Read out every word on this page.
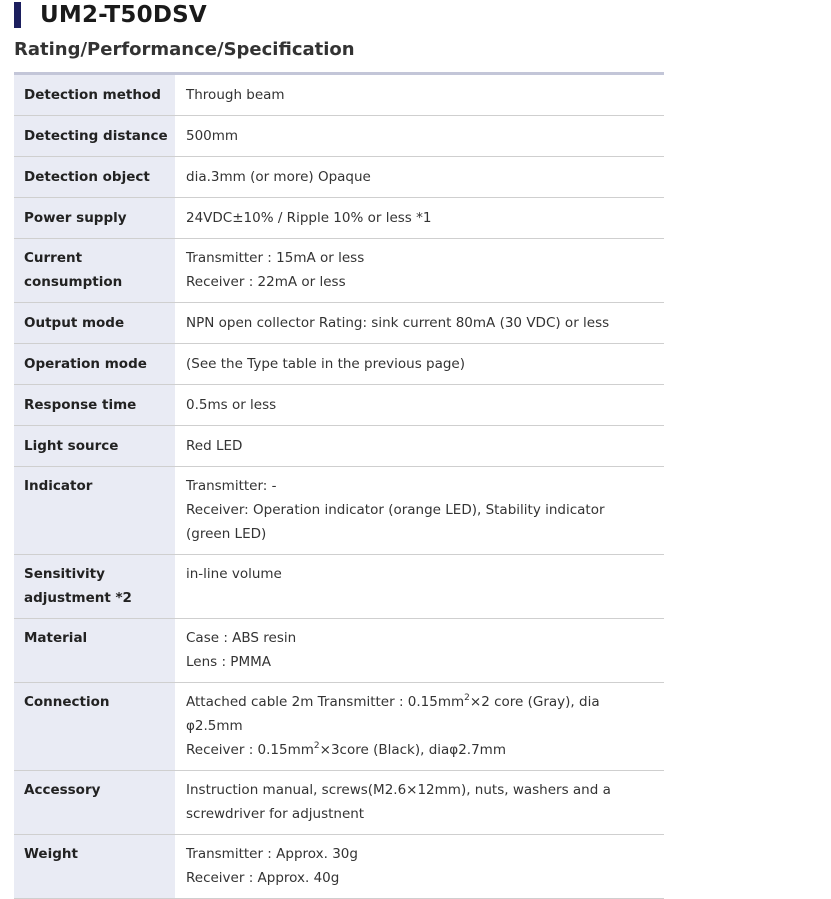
UM2-T50DSV
Rating/Performance/Specification
Detection method	Through beam

Detecting distance	500mm

Detection object	dia.3mm (or more) Opaque

Power supply	24VDC±10% / Ripple 10% or less *1

Current consumption	Transmitter : 15mA or less
Receiver : 22mA or less

Output mode	NPN open collector Rating: sink current 80mA (30 VDC) or less

Operation mode	(See the Type table in the previous page)

Response time	0.5ms or less

Light source	Red LED

Indicator	Transmitter: -
Receiver: Operation indicator (orange LED), Stability indicator (green LED)

Sensitivity adjustment *2	in-line volume

Material	Case : ABS resin
Lens : PMMA

Connection	Attached cable 2m Transmitter : $0.15mm^2\times 2$ core (Gray), dia φ2.5mm
Receiver : $0.15mm^2\times 3core$ (Black), diaφ2.7mm

Accessory	Instruction manual, screws(M2.6×12mm), nuts, washers and a screwdriver for adjustnent

Weight	Transmitter : Approx. 30g
Receiver : Approx. 40g
